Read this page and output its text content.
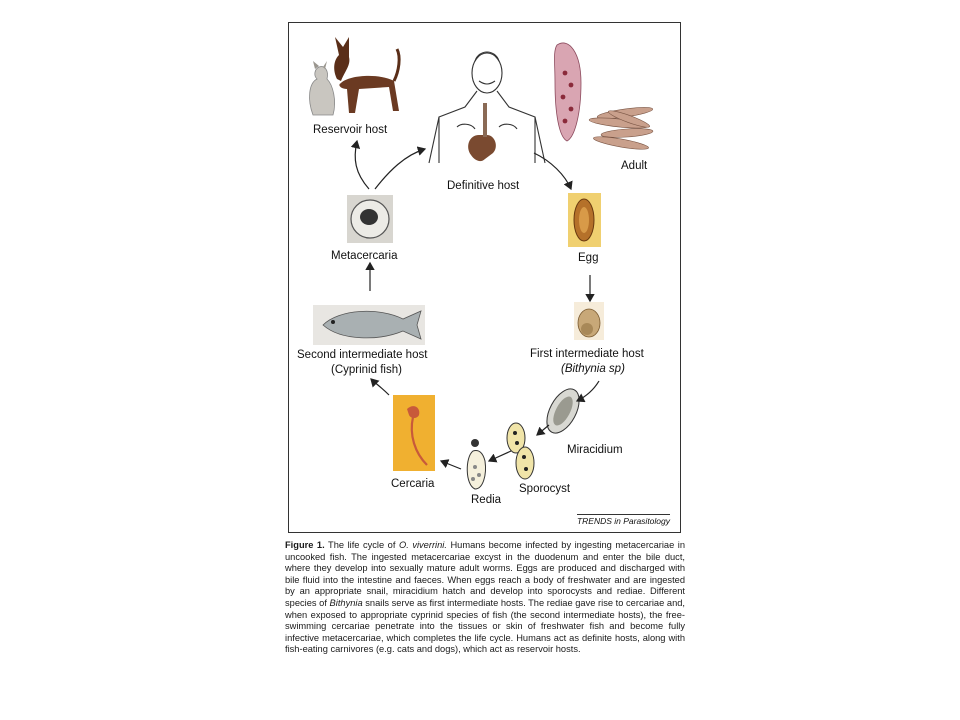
Reservoir host
Definitive host
Adult
Egg
First intermediate host
(Bithynia sp)
Miracidium
Sporocyst
Redia
Cercaria
Second intermediate host
(Cyprinid fish)
Metacercaria
TRENDS in Parasitology
Figure 1. The life cycle of O. viverrini. Humans become infected by ingesting metacercariae in uncooked fish. The ingested metacercariae excyst in the duodenum and enter the bile duct, where they develop into sexually mature adult worms. Eggs are produced and discharged with bile fluid into the intestine and faeces. When eggs reach a body of freshwater and are ingested by an appropriate snail, miracidium hatch and develop into sporocysts and rediae. Different species of Bithynia snails serve as first intermediate hosts. The rediae gave rise to cercariae and, when exposed to appropriate cyprinid species of fish (the second intermediate hosts), the free-swimming cercariae penetrate into the tissues or skin of freshwater fish and become fully infective metacercariae, which completes the life cycle. Humans act as definite hosts, along with fish-eating carnivores (e.g. cats and dogs), which act as reservoir hosts.
